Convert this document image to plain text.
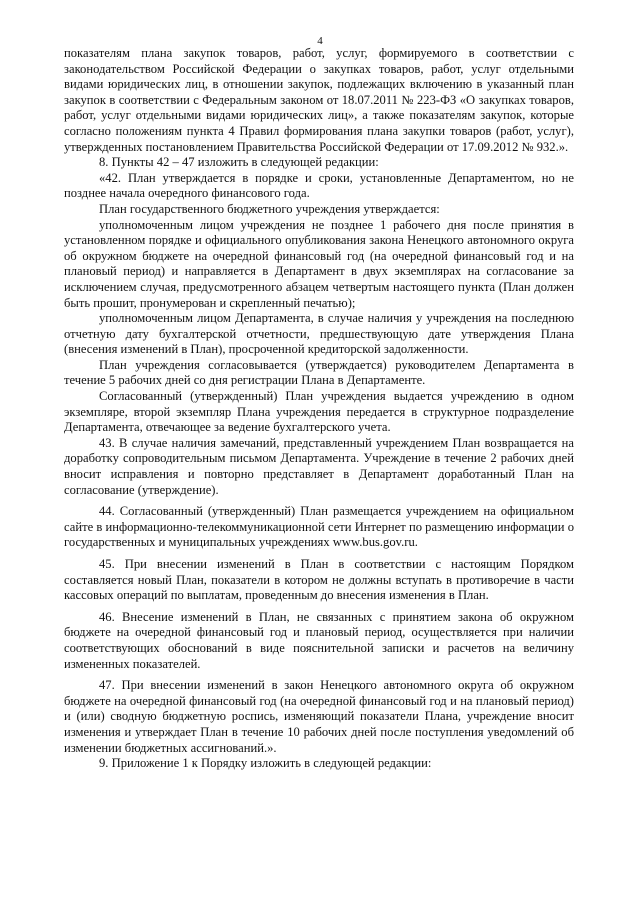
4

показателям плана закупок товаров, работ, услуг, формируемого в соответствии с законодательством Российской Федерации о закупках товаров, работ, услуг отдельными видами юридических лиц, в отношении закупок, подлежащих включению в указанный план закупок в соответствии с Федеральным законом от 18.07.2011 № 223-ФЗ «О закупках товаров, работ, услуг отдельными видами юридических лиц», а также показателям закупок, которые согласно положениям пункта 4 Правил формирования плана закупки товаров (работ, услуг), утвержденных постановлением Правительства Российской Федерации от 17.09.2012 № 932.».

8. Пункты 42 – 47 изложить в следующей редакции:

«42. План утверждается в порядке и сроки, установленные Департаментом, но не позднее начала очередного финансового года.

План государственного бюджетного учреждения утверждается:

уполномоченным лицом учреждения не позднее 1 рабочего дня после принятия в установленном порядке и официального опубликования закона Ненецкого автономного округа об окружном бюджете на очередной финансовый год (на очередной финансовый год и на плановый период) и направляется в Департамент в двух экземплярах на согласование за исключением случая, предусмотренного абзацем четвертым настоящего пункта (План должен быть прошит, пронумерован и скрепленный печатью);

уполномоченным лицом Департамента, в случае наличия у учреждения на последнюю отчетную дату бухгалтерской отчетности, предшествующую дате утверждения Плана (внесения изменений в План), просроченной кредиторской задолженности.

План учреждения согласовывается (утверждается) руководителем Департамента в течение 5 рабочих дней со дня регистрации Плана в Департаменте.

Согласованный (утвержденный) План учреждения выдается учреждению в одном экземпляре, второй экземпляр Плана учреждения передается в структурное подразделение Департамента, отвечающее за ведение бухгалтерского учета.

43. В случае наличия замечаний, представленный учреждением План возвращается на доработку сопроводительным письмом Департамента. Учреждение в течение 2 рабочих дней вносит исправления и повторно представляет в Департамент доработанный План на согласование (утверждение).

44. Согласованный (утвержденный) План размещается учреждением на официальном сайте в информационно-телекоммуникационной сети Интернет по размещению информации о государственных и муниципальных учреждениях www.bus.gov.ru.

45. При внесении изменений в План в соответствии с настоящим Порядком составляется новый План, показатели в котором не должны вступать в противоречие в части кассовых операций по выплатам, проведенным до внесения изменения в План.

46. Внесение изменений в План, не связанных с принятием закона об окружном бюджете на очередной финансовый год и плановый период, осуществляется при наличии соответствующих обоснований в виде пояснительной записки и расчетов на величину измененных показателей.

47. При внесении изменений в закон Ненецкого автономного округа об окружном бюджете на очередной финансовый год (на очередной финансовый год и на плановый период) и (или) сводную бюджетную роспись, изменяющий показатели Плана, учреждение вносит изменения и утверждает План в течение 10 рабочих дней после поступления уведомлений об изменении бюджетных ассигнований.».

9. Приложение 1 к Порядку изложить в следующей редакции:
